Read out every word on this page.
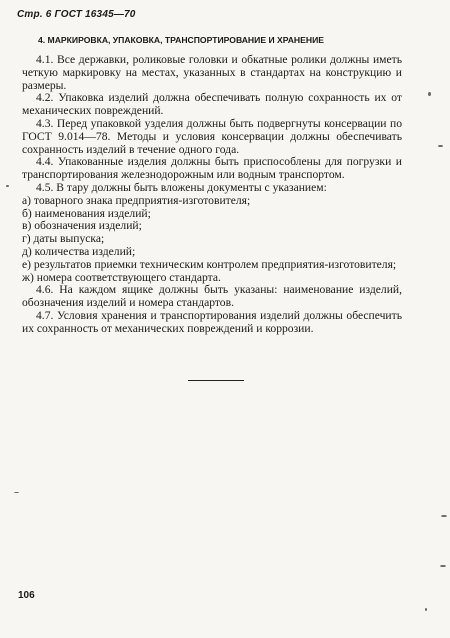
Стр. 6 ГОСТ 16345—70
4. МАРКИРОВКА, УПАКОВКА, ТРАНСПОРТИРОВАНИЕ И ХРАНЕНИЕ

4.1. Все державки, роликовые головки и обкатные ролики должны иметь четкую маркировку на местах, указанных в стандартах на конструкцию и размеры.

4.2. Упаковка изделий должна обеспечивать полную сохранность их от механических повреждений.

4.3. Перед упаковкой узделия должны быть подвергнуты консервации по ГОСТ 9.014—78. Методы и условия консервации должны обеспечивать сохранность изделий в течение одного года.

4.4. Упакованные изделия должны быть приспособлены для погрузки и транспортирования железнодорожным или водным транспортом.

4.5. В тару должны быть вложены документы с указанием:

а) товарного знака предприятия-изготовителя;

б) наименования изделий;

в) обозначения изделий;

г) даты выпуска;

д) количества изделий;

е) результатов приемки техническим контролем предприятия-изготовителя;

ж) номера соответствующего стандарта.

4.6. На каждом ящике должны быть указаны: наименование изделий, обозначения изделий и номера стандартов.

4.7. Условия хранения и транспортирования изделий должны обеспечить их сохранность от механических повреждений и коррозии.

106
